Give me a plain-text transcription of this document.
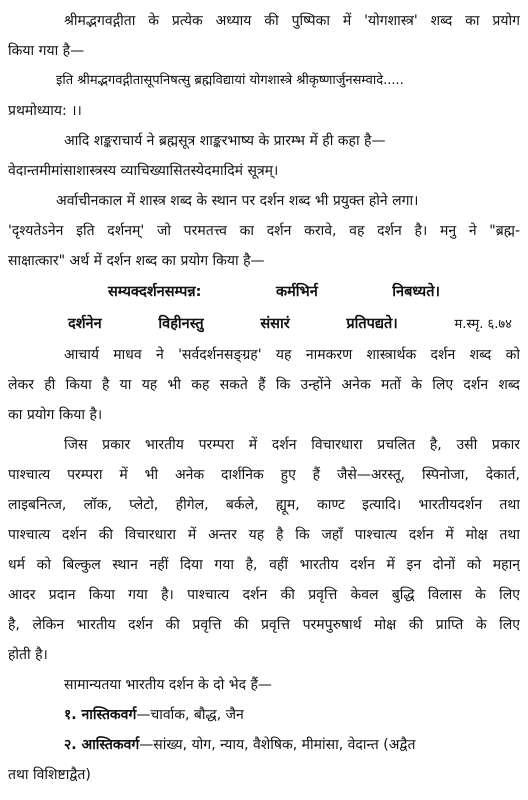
श्रीमद्भगवद्गीता के प्रत्येक अध्याय की पुष्पिका में 'योगशास्त्र' शब्द का प्रयोग
किया गया है—
इति श्रीमद्भगवद्गीतासूपनिषत्सु ब्रह्मविद्यायां योगशास्त्रे श्रीकृष्णार्जुनसम्वादे.....
प्रथमोध्याय: ।।
आदि शङ्कराचार्य ने ब्रह्मसूत्र शाङ्करभाष्य के प्रारम्भ में ही कहा है—
वेदान्तमीमांसाशास्त्रस्य व्याचिख्यासितस्येदमादिमं सूत्रम्।
अर्वाचीनकाल में शास्त्र शब्द के स्थान पर दर्शन शब्द भी प्रयुक्त होने लगा।
'दृश्यतेऽनेन इति दर्शनम्' जो परमतत्त्व का दर्शन करावे, वह दर्शन है। मनु ने "ब्रह्म-
साक्षात्कार" अर्थ में दर्शन शब्द का प्रयोग किया है—
सम्यक्दर्शनसम्पन्न:	कर्मभिर्न	निबध्यते।
दर्शनेन	विहीनस्तु	संसारं	प्रतिपद्यते।	म.स्मृ. ६.७४
आचार्य माधव ने 'सर्वदर्शनसङ्ग्रह' यह नामकरण शास्त्रार्थक दर्शन शब्द को
लेकर ही किया है या यह भी कह सकते हैं कि उन्होंने अनेक मतों के लिए दर्शन शब्द
का प्रयोग किया है।
जिस प्रकार भारतीय परम्परा में दर्शन विचारधारा प्रचलित है, उसी प्रकार
पाश्चात्य परम्परा में भी अनेक दार्शनिक हुए हैं जैसे—अरस्तू, स्पिनोजा, देकार्त,
लाइबनित्ज, लॉक, प्लेटो, हीगेल, बर्कले, ह्यूम, काण्ट इत्यादि। भारतीयदर्शन तथा
पाश्चात्य दर्शन की विचारधारा में अन्तर यह है कि जहाँ पाश्चात्य दर्शन में मोक्ष तथा
धर्म को बिल्कुल स्थान नहीं दिया गया है, वहीं भारतीय दर्शन में इन दोनों को महान्
आदर प्रदान किया गया है। पाश्चात्य दर्शन की प्रवृत्ति केवल बुद्धि विलास के लिए
है, लेकिन भारतीय दर्शन की प्रवृत्ति की प्रवृत्ति परमपुरुषार्थ मोक्ष की प्राप्ति के लिए
होती है।
सामान्यतया भारतीय दर्शन के दो भेद हैं—
१. नास्तिकवर्ग—चार्वाक, बौद्ध, जैन
२. आस्तिकवर्ग—सांख्य, योग, न्याय, वैशेषिक, मीमांसा, वेदान्त (अद्वैत
तथा विशिष्टाद्वैत)
